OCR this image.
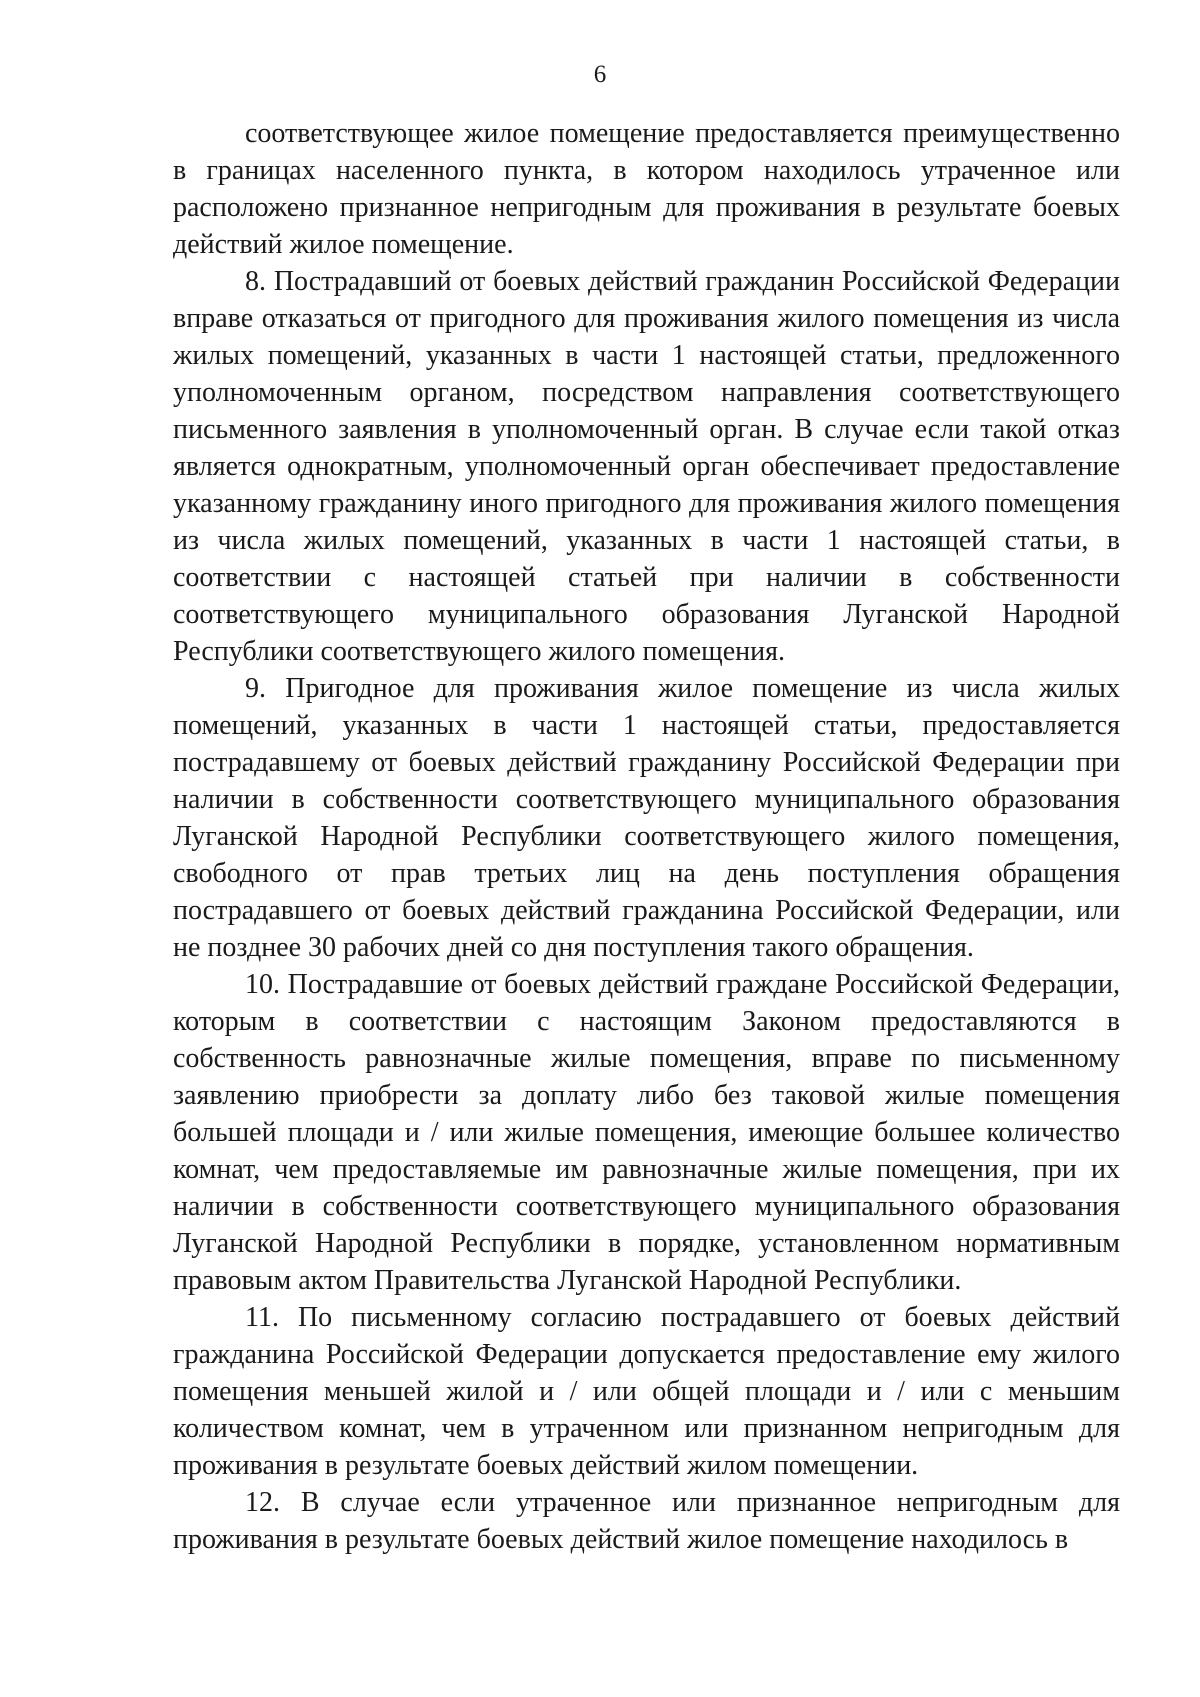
6

соответствующее жилое помещение предоставляется преимущественно в границах населенного пункта, в котором находилось утраченное или расположено признанное непригодным для проживания в результате боевых действий жилое помещение.

8. Пострадавший от боевых действий гражданин Российской Федерации вправе отказаться от пригодного для проживания жилого помещения из числа жилых помещений, указанных в части 1 настоящей статьи, предложенного уполномоченным органом, посредством направления соответствующего письменного заявления в уполномоченный орган. В случае если такой отказ является однократным, уполномоченный орган обеспечивает предоставление указанному гражданину иного пригодного для проживания жилого помещения из числа жилых помещений, указанных в части 1 настоящей статьи, в соответствии с настоящей статьей при наличии в собственности соответствующего муниципального образования Луганской Народной Республики соответствующего жилого помещения.

9. Пригодное для проживания жилое помещение из числа жилых помещений, указанных в части 1 настоящей статьи, предоставляется пострадавшему от боевых действий гражданину Российской Федерации при наличии в собственности соответствующего муниципального образования Луганской Народной Республики соответствующего жилого помещения, свободного от прав третьих лиц на день поступления обращения пострадавшего от боевых действий гражданина Российской Федерации, или не позднее 30 рабочих дней со дня поступления такого обращения.

10. Пострадавшие от боевых действий граждане Российской Федерации, которым в соответствии с настоящим Законом предоставляются в собственность равнозначные жилые помещения, вправе по письменному заявлению приобрести за доплату либо без таковой жилые помещения большей площади и / или жилые помещения, имеющие большее количество комнат, чем предоставляемые им равнозначные жилые помещения, при их наличии в собственности соответствующего муниципального образования Луганской Народной Республики в порядке, установленном нормативным правовым актом Правительства Луганской Народной Республики.

11. По письменному согласию пострадавшего от боевых действий гражданина Российской Федерации допускается предоставление ему жилого помещения меньшей жилой и / или общей площади и / или с меньшим количеством комнат, чем в утраченном или признанном непригодным для проживания в результате боевых действий жилом помещении.

12. В случае если утраченное или признанное непригодным для проживания в результате боевых действий жилое помещение находилось в
